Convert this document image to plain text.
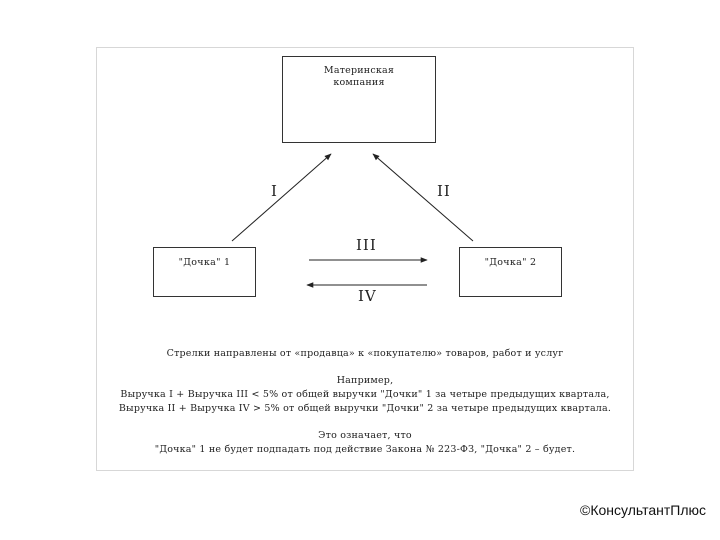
Материнская
компания
"Дочка" 1	"Дочка" 2
I	II
III
IV
Стрелки направлены от «продавца» к «покупателю» товаров, работ и услуг
Например,
Выручка I + Выручка III < 5% от общей выручки "Дочки" 1 за четыре предыдущих квартала,
Выручка II + Выручка IV > 5% от общей выручки "Дочки" 2 за четыре предыдущих квартала.
Это означает, что
"Дочка" 1 не будет подпадать под действие Закона № 223-ФЗ, "Дочка" 2 – будет.
©КонсультантПлюс
